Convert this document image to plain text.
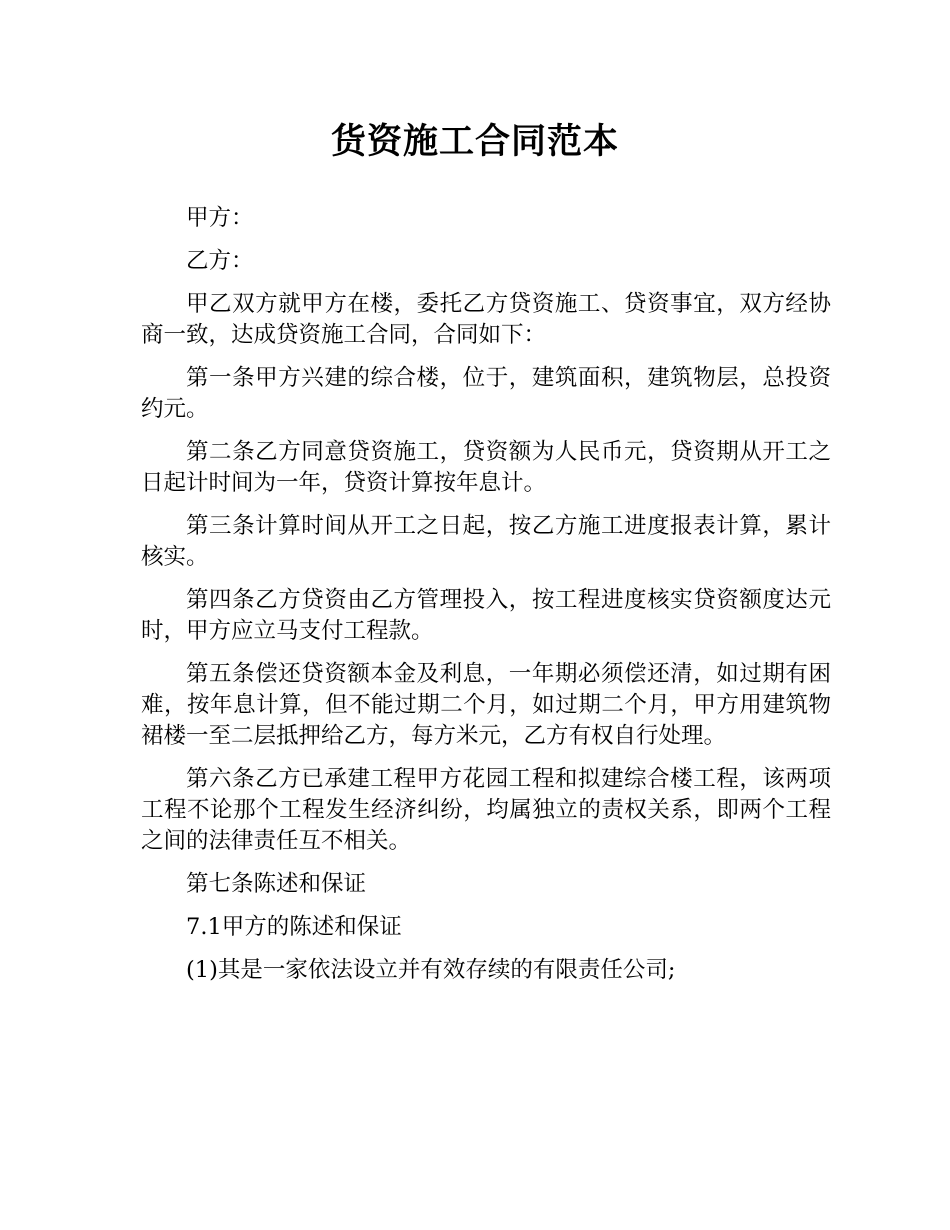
货资施工合同范本

甲方：

乙方：

甲乙双方就甲方在楼，委托乙方贷资施工、贷资事宜，双方经协商一致，达成贷资施工合同，合同如下：

第一条甲方兴建的综合楼，位于，建筑面积，建筑物层，总投资约元。

第二条乙方同意贷资施工，贷资额为人民币元，贷资期从开工之日起计时间为一年，贷资计算按年息计。

第三条计算时间从开工之日起，按乙方施工进度报表计算，累计核实。

第四条乙方贷资由乙方管理投入，按工程进度核实贷资额度达元时，甲方应立马支付工程款。

第五条偿还贷资额本金及利息，一年期必须偿还清，如过期有困难，按年息计算，但不能过期二个月，如过期二个月，甲方用建筑物裙楼一至二层抵押给乙方，每方米元，乙方有权自行处理。

第六条乙方已承建工程甲方花园工程和拟建综合楼工程，该两项工程不论那个工程发生经济纠纷，均属独立的责权关系，即两个工程之间的法律责任互不相关。

第七条陈述和保证

7.1甲方的陈述和保证

(1)其是一家依法设立并有效存续的有限责任公司;
